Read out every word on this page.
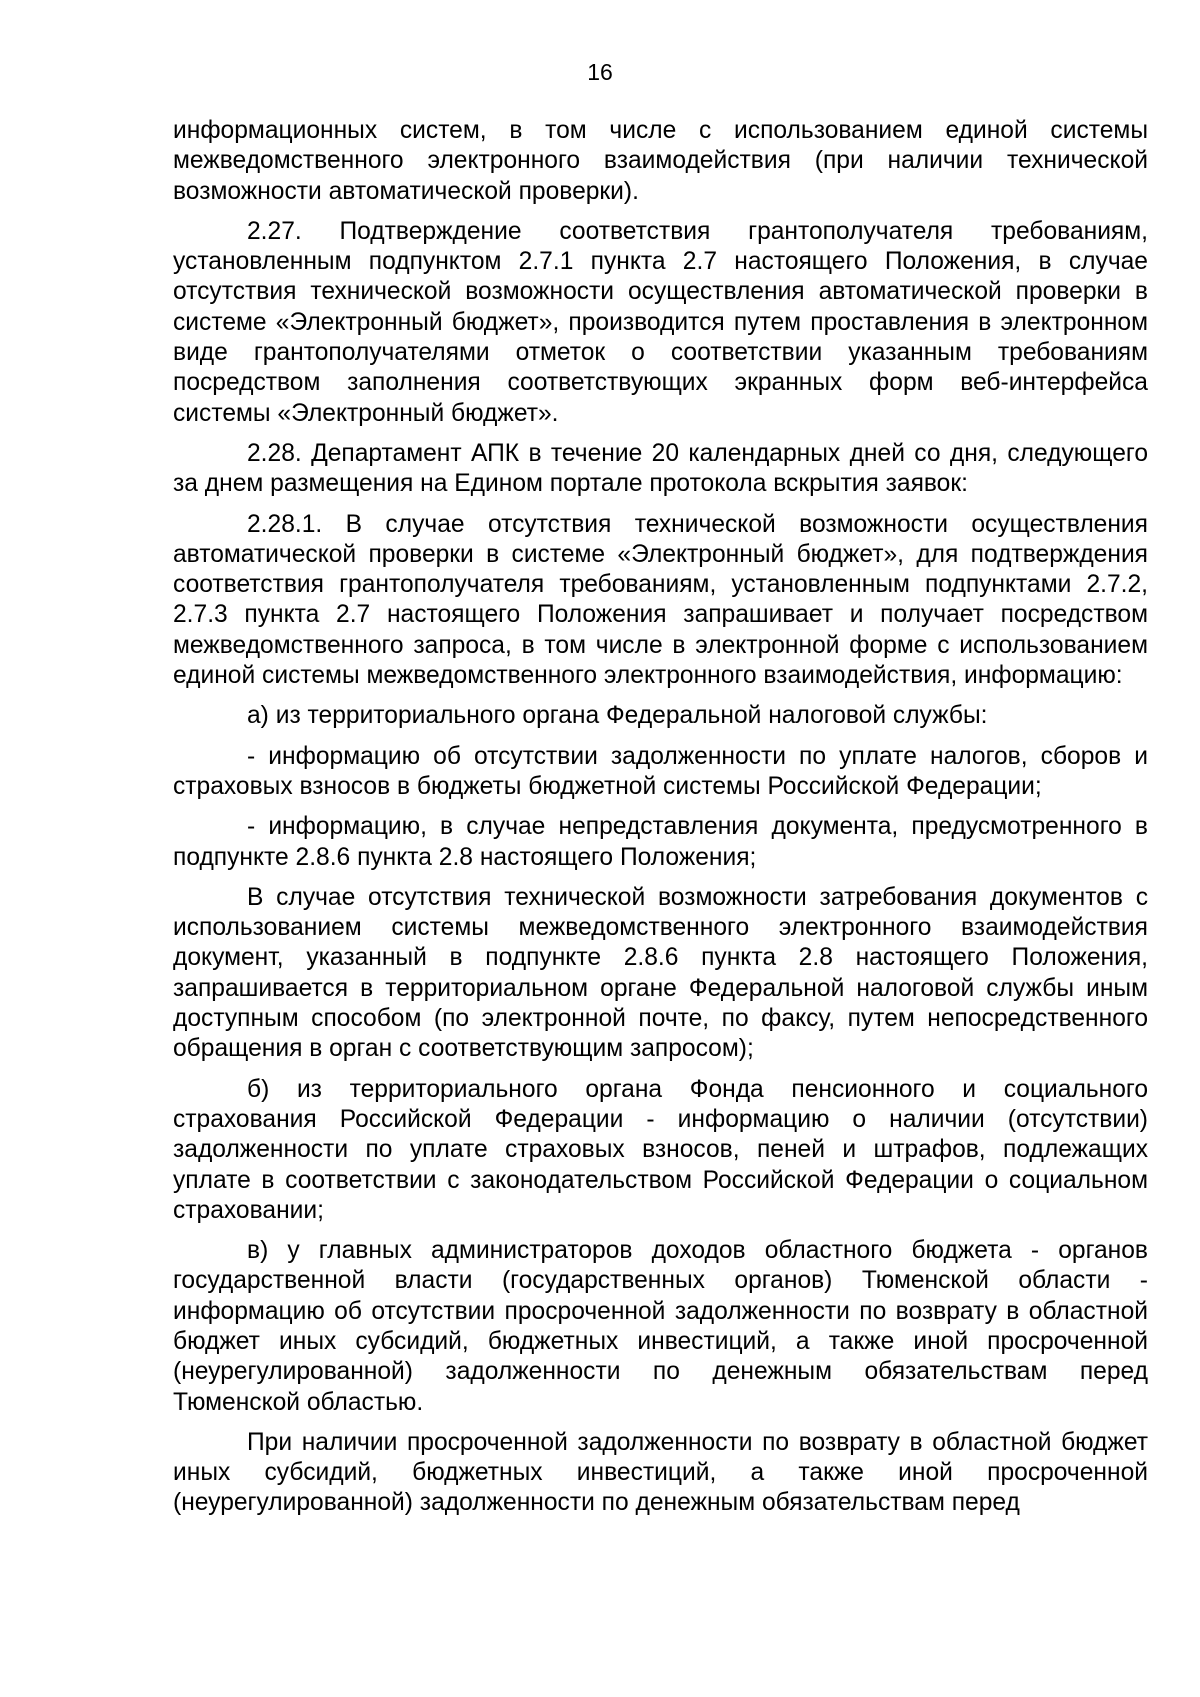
16

информационных систем, в том числе с использованием единой системы межведомственного электронного взаимодействия (при наличии технической возможности автоматической проверки).

2.27. Подтверждение соответствия грантополучателя требованиям, установленным подпунктом 2.7.1 пункта 2.7 настоящего Положения, в случае отсутствия технической возможности осуществления автоматической проверки в системе «Электронный бюджет», производится путем проставления в электронном виде грантополучателями отметок о соответствии указанным требованиям посредством заполнения соответствующих экранных форм веб-интерфейса системы «Электронный бюджет».

2.28. Департамент АПК в течение 20 календарных дней со дня, следующего за днем размещения на Едином портале протокола вскрытия заявок:

2.28.1. В случае отсутствия технической возможности осуществления автоматической проверки в системе «Электронный бюджет», для подтверждения соответствия грантополучателя требованиям, установленным подпунктами 2.7.2, 2.7.3 пункта 2.7 настоящего Положения запрашивает и получает посредством межведомственного запроса, в том числе в электронной форме с использованием единой системы межведомственного электронного взаимодействия, информацию:

а) из территориального органа Федеральной налоговой службы:

- информацию об отсутствии задолженности по уплате налогов, сборов и страховых взносов в бюджеты бюджетной системы Российской Федерации;

- информацию, в случае непредставления документа, предусмотренного в подпункте 2.8.6 пункта 2.8 настоящего Положения;

В случае отсутствия технической возможности затребования документов с использованием системы межведомственного электронного взаимодействия документ, указанный в подпункте 2.8.6 пункта 2.8 настоящего Положения, запрашивается в территориальном органе Федеральной налоговой службы иным доступным способом (по электронной почте, по факсу, путем непосредственного обращения в орган с соответствующим запросом);

б) из территориального органа Фонда пенсионного и социального страхования Российской Федерации - информацию о наличии (отсутствии) задолженности по уплате страховых взносов, пеней и штрафов, подлежащих уплате в соответствии с законодательством Российской Федерации о социальном страховании;

в) у главных администраторов доходов областного бюджета - органов государственной власти (государственных органов) Тюменской области - информацию об отсутствии просроченной задолженности по возврату в областной бюджет иных субсидий, бюджетных инвестиций, а также иной просроченной (неурегулированной) задолженности по денежным обязательствам перед Тюменской областью.

При наличии просроченной задолженности по возврату в областной бюджет иных субсидий, бюджетных инвестиций, а также иной просроченной (неурегулированной) задолженности по денежным обязательствам перед
